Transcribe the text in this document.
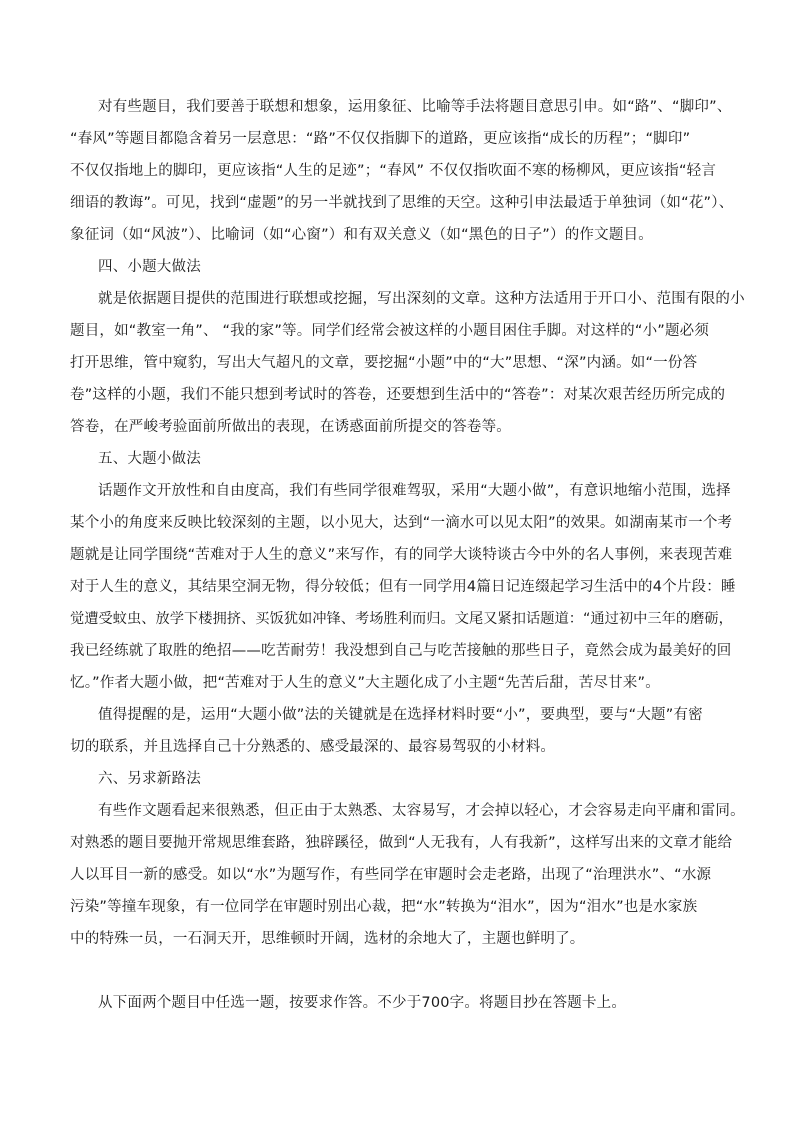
对有些题目，我们要善于联想和想象，运用象征、比喻等手法将题目意思引申。如“路”、“脚印”、
“春风”等题目都隐含着另一层意思：“路”不仅仅指脚下的道路，更应该指“成长的历程”；“脚印”
不仅仅指地上的脚印，更应该指“人生的足迹”；“春风” 不仅仅指吹面不寒的杨柳风，更应该指“轻言
细语的教诲”。可见，找到“虚题”的另一半就找到了思维的天空。这种引申法最适于单独词（如“花”）、
象征词（如“风波”）、比喻词（如“心窗”）和有双关意义（如“黑色的日子”）的作文题目。
四、小题大做法
就是依据题目提供的范围进行联想或挖掘，写出深刻的文章。这种方法适用于开口小、范围有限的小
题目，如“教室一角”、 “我的家”等。同学们经常会被这样的小题目困住手脚。对这样的“小”题必须
打开思维，管中窥豹，写出大气超凡的文章，要挖掘“小题”中的“大”思想、“深”内涵。如“一份答
卷”这样的小题，我们不能只想到考试时的答卷，还要想到生活中的“答卷”：对某次艰苦经历所完成的
答卷，在严峻考验面前所做出的表现，在诱惑面前所提交的答卷等。
五、大题小做法
话题作文开放性和自由度高，我们有些同学很难驾驭，采用“大题小做”，有意识地缩小范围，选择
某个小的角度来反映比较深刻的主题，以小见大，达到“一滴水可以见太阳”的效果。如湖南某市一个考
题就是让同学围绕“苦难对于人生的意义”来写作，有的同学大谈特谈古今中外的名人事例，来表现苦难
对于人生的意义，其结果空洞无物，得分较低；但有一同学用4篇日记连缀起学习生活中的4个片段：睡
觉遭受蚊虫、放学下楼拥挤、买饭犹如冲锋、考场胜利而归。文尾又紧扣话题道：“通过初中三年的磨砺，
我已经练就了取胜的绝招——吃苦耐劳！我没想到自己与吃苦接触的那些日子，竟然会成为最美好的回
忆。”作者大题小做，把“苦难对于人生的意义”大主题化成了小主题“先苦后甜，苦尽甘来”。
值得提醒的是，运用“大题小做”法的关键就是在选择材料时要“小”，要典型，要与“大题”有密
切的联系，并且选择自己十分熟悉的、感受最深的、最容易驾驭的小材料。
六、另求新路法
有些作文题看起来很熟悉，但正由于太熟悉、太容易写，才会掉以轻心，才会容易走向平庸和雷同。
对熟悉的题目要抛开常规思维套路，独辟蹊径，做到“人无我有，人有我新”，这样写出来的文章才能给
人以耳目一新的感受。如以“水”为题写作，有些同学在审题时会走老路，出现了“治理洪水”、“水源
污染”等撞车现象，有一位同学在审题时别出心裁，把“水”转换为“泪水”，因为“泪水”也是水家族
中的特殊一员，一石洞天开，思维顿时开阔，选材的余地大了，主题也鲜明了。
从下面两个题目中任选一题，按要求作答。不少于700字。将题目抄在答题卡上。
